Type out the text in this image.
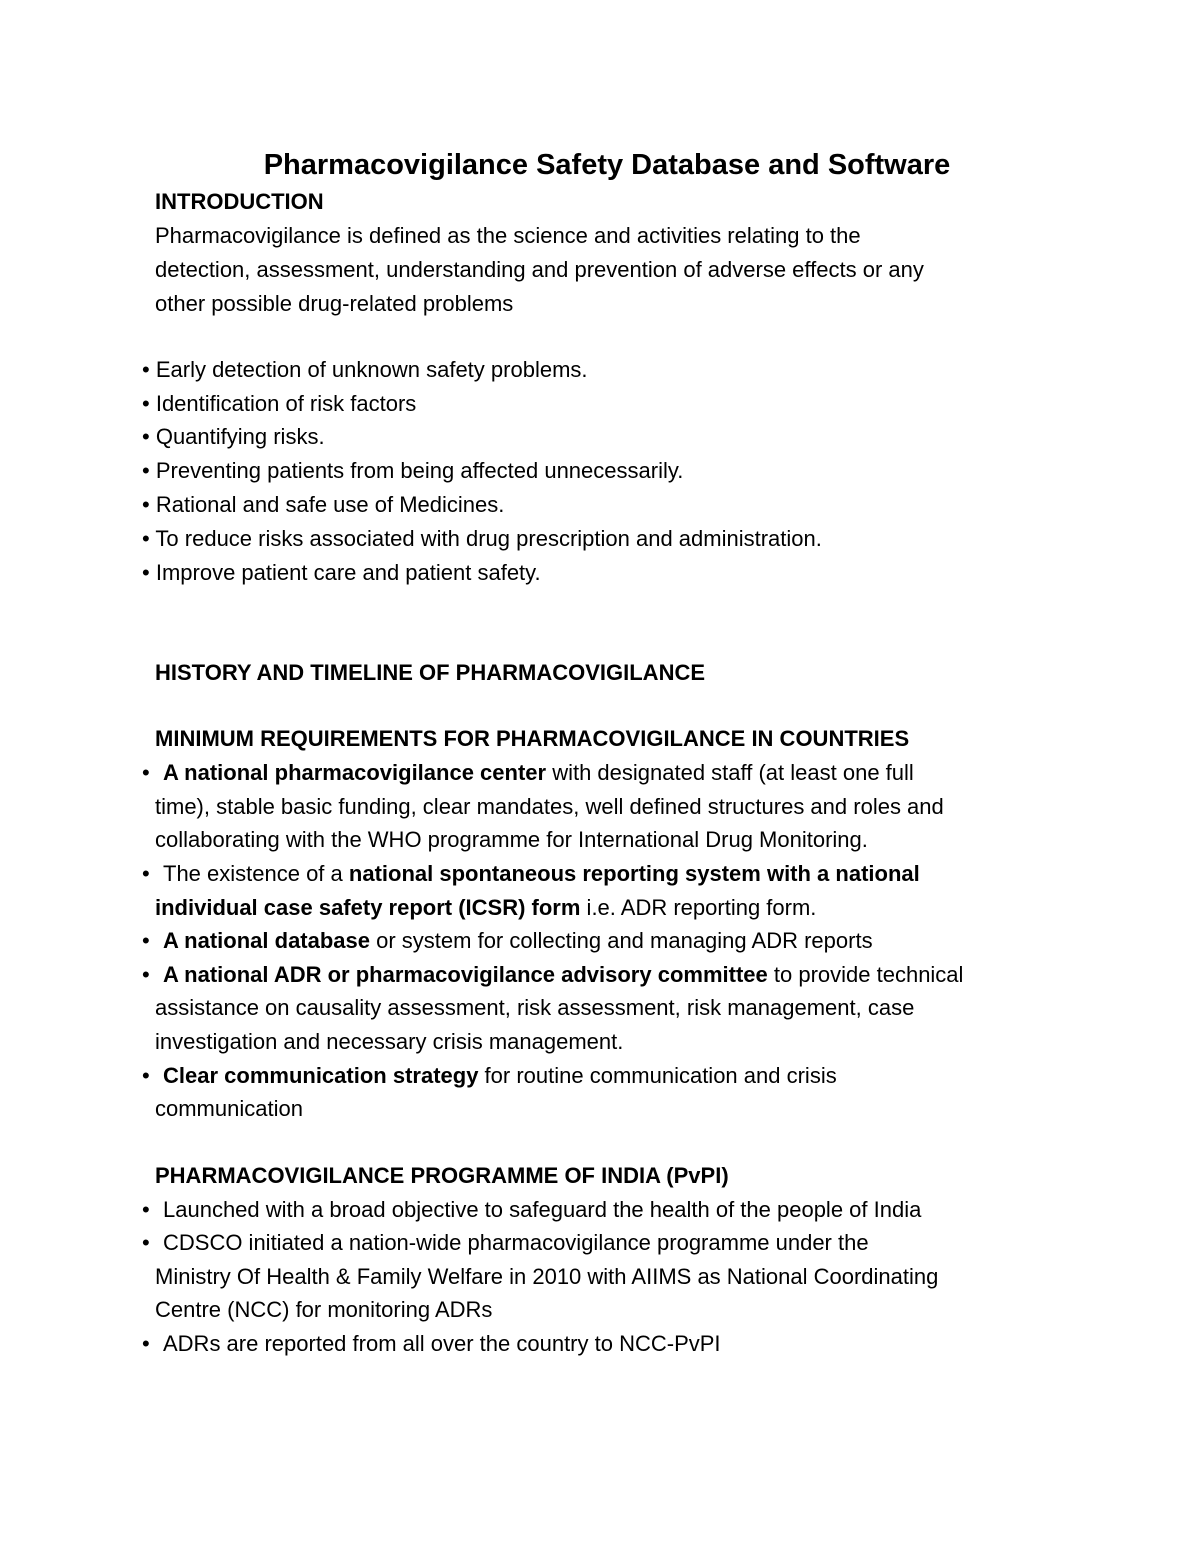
Pharmacovigilance Safety Database and Software
INTRODUCTION
Pharmacovigilance is defined as the science and activities relating to the
detection, assessment, understanding and prevention of adverse effects or any
other possible drug-related problems
• Early detection of unknown safety problems.
• Identification of risk factors
• Quantifying risks.
• Preventing patients from being affected unnecessarily.
• Rational and safe use of Medicines.
• To reduce risks associated with drug prescription and administration.
• Improve patient care and patient safety.
HISTORY AND TIMELINE OF PHARMACOVIGILANCE
MINIMUM REQUIREMENTS FOR PHARMACOVIGILANCE IN COUNTRIES
• A national pharmacovigilance center with designated staff (at least one full
time), stable basic funding, clear mandates, well defined structures and roles and
collaborating with the WHO programme for International Drug Monitoring.
• The existence of a national spontaneous reporting system with a national
individual case safety report (ICSR) form i.e. ADR reporting form.
• A national database or system for collecting and managing ADR reports
• A national ADR or pharmacovigilance advisory committee to provide technical
assistance on causality assessment, risk assessment, risk management, case
investigation and necessary crisis management.
• Clear communication strategy for routine communication and crisis
communication
PHARMACOVIGILANCE PROGRAMME OF INDIA (PvPI)
• Launched with a broad objective to safeguard the health of the people of India
• CDSCO initiated a nation-wide pharmacovigilance programme under the
Ministry Of Health & Family Welfare in 2010 with AIIMS as National Coordinating
Centre (NCC) for monitoring ADRs
• ADRs are reported from all over the country to NCC-PvPI
